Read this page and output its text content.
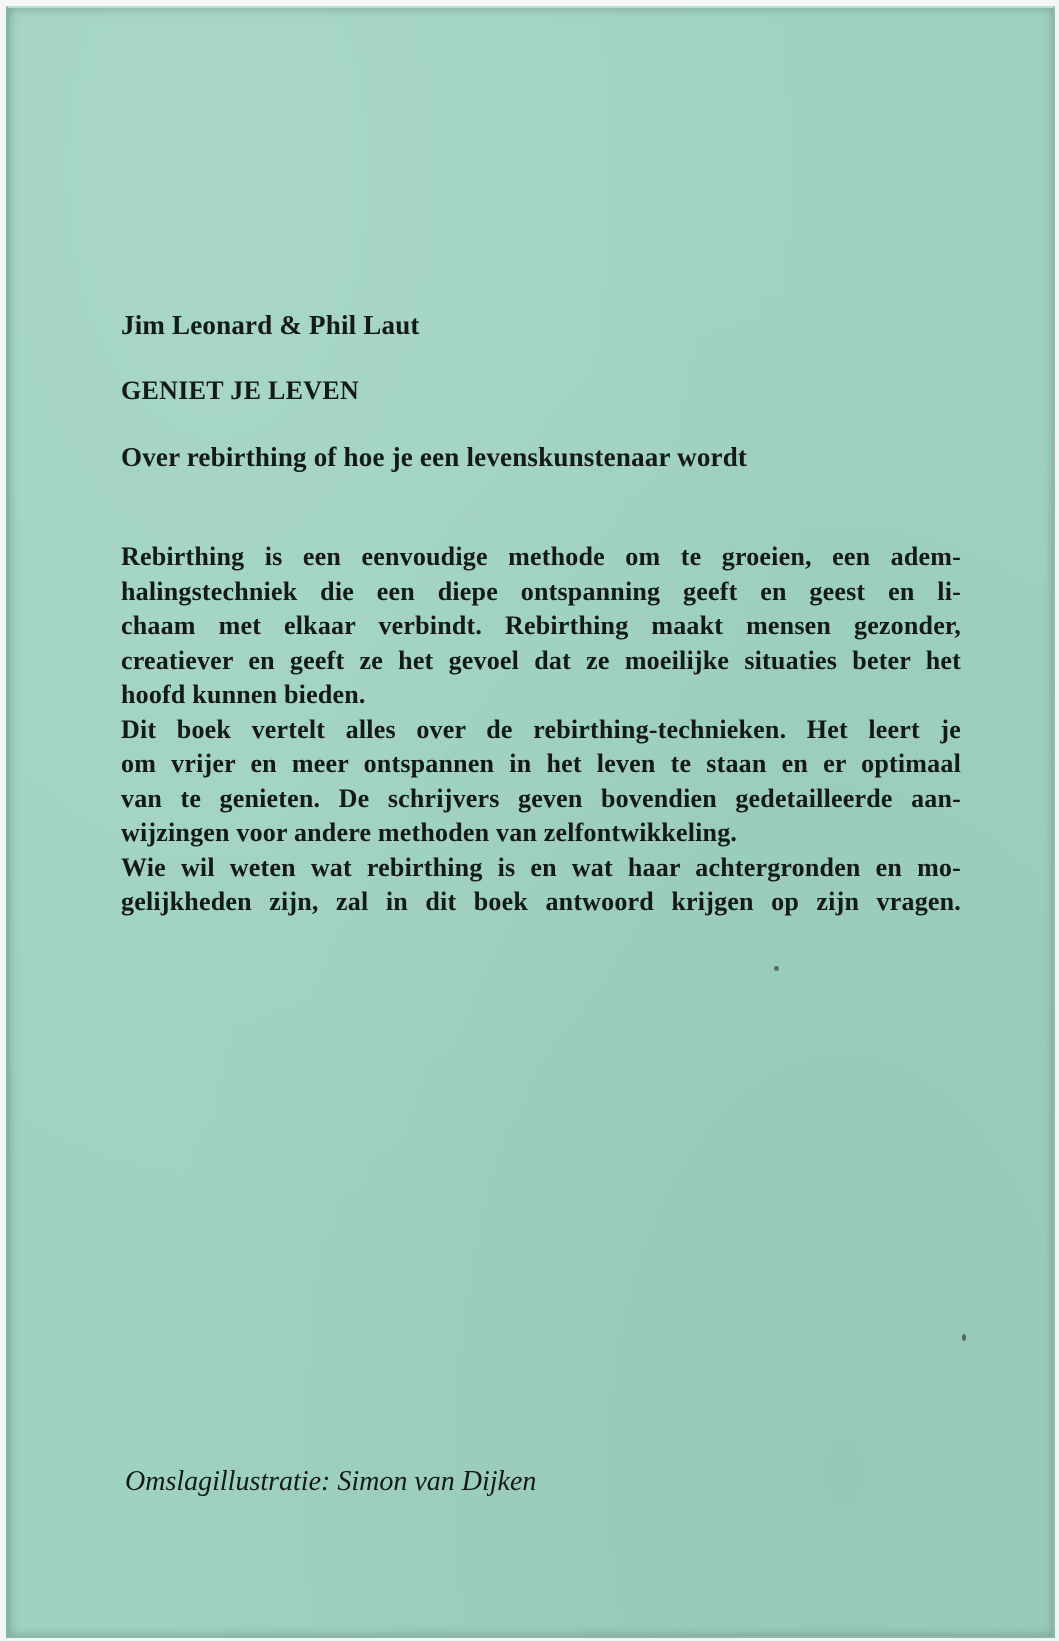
Jim Leonard & Phil Laut
GENIET JE LEVEN
Over rebirthing of hoe je een levenskunstenaar wordt
Rebirthing is een eenvoudige methode om te groeien, een adem-
halingstechniek die een diepe ontspanning geeft en geest en li-
chaam met elkaar verbindt. Rebirthing maakt mensen gezonder,
creatiever en geeft ze het gevoel dat ze moeilijke situaties beter het
hoofd kunnen bieden.
Dit boek vertelt alles over de rebirthing-technieken. Het leert je
om vrijer en meer ontspannen in het leven te staan en er optimaal
van te genieten. De schrijvers geven bovendien gedetailleerde aan-
wijzingen voor andere methoden van zelfontwikkeling.
Wie wil weten wat rebirthing is en wat haar achtergronden en mo-
gelijkheden zijn, zal in dit boek antwoord krijgen op zijn vragen.
Omslagillustratie: Simon van Dijken
